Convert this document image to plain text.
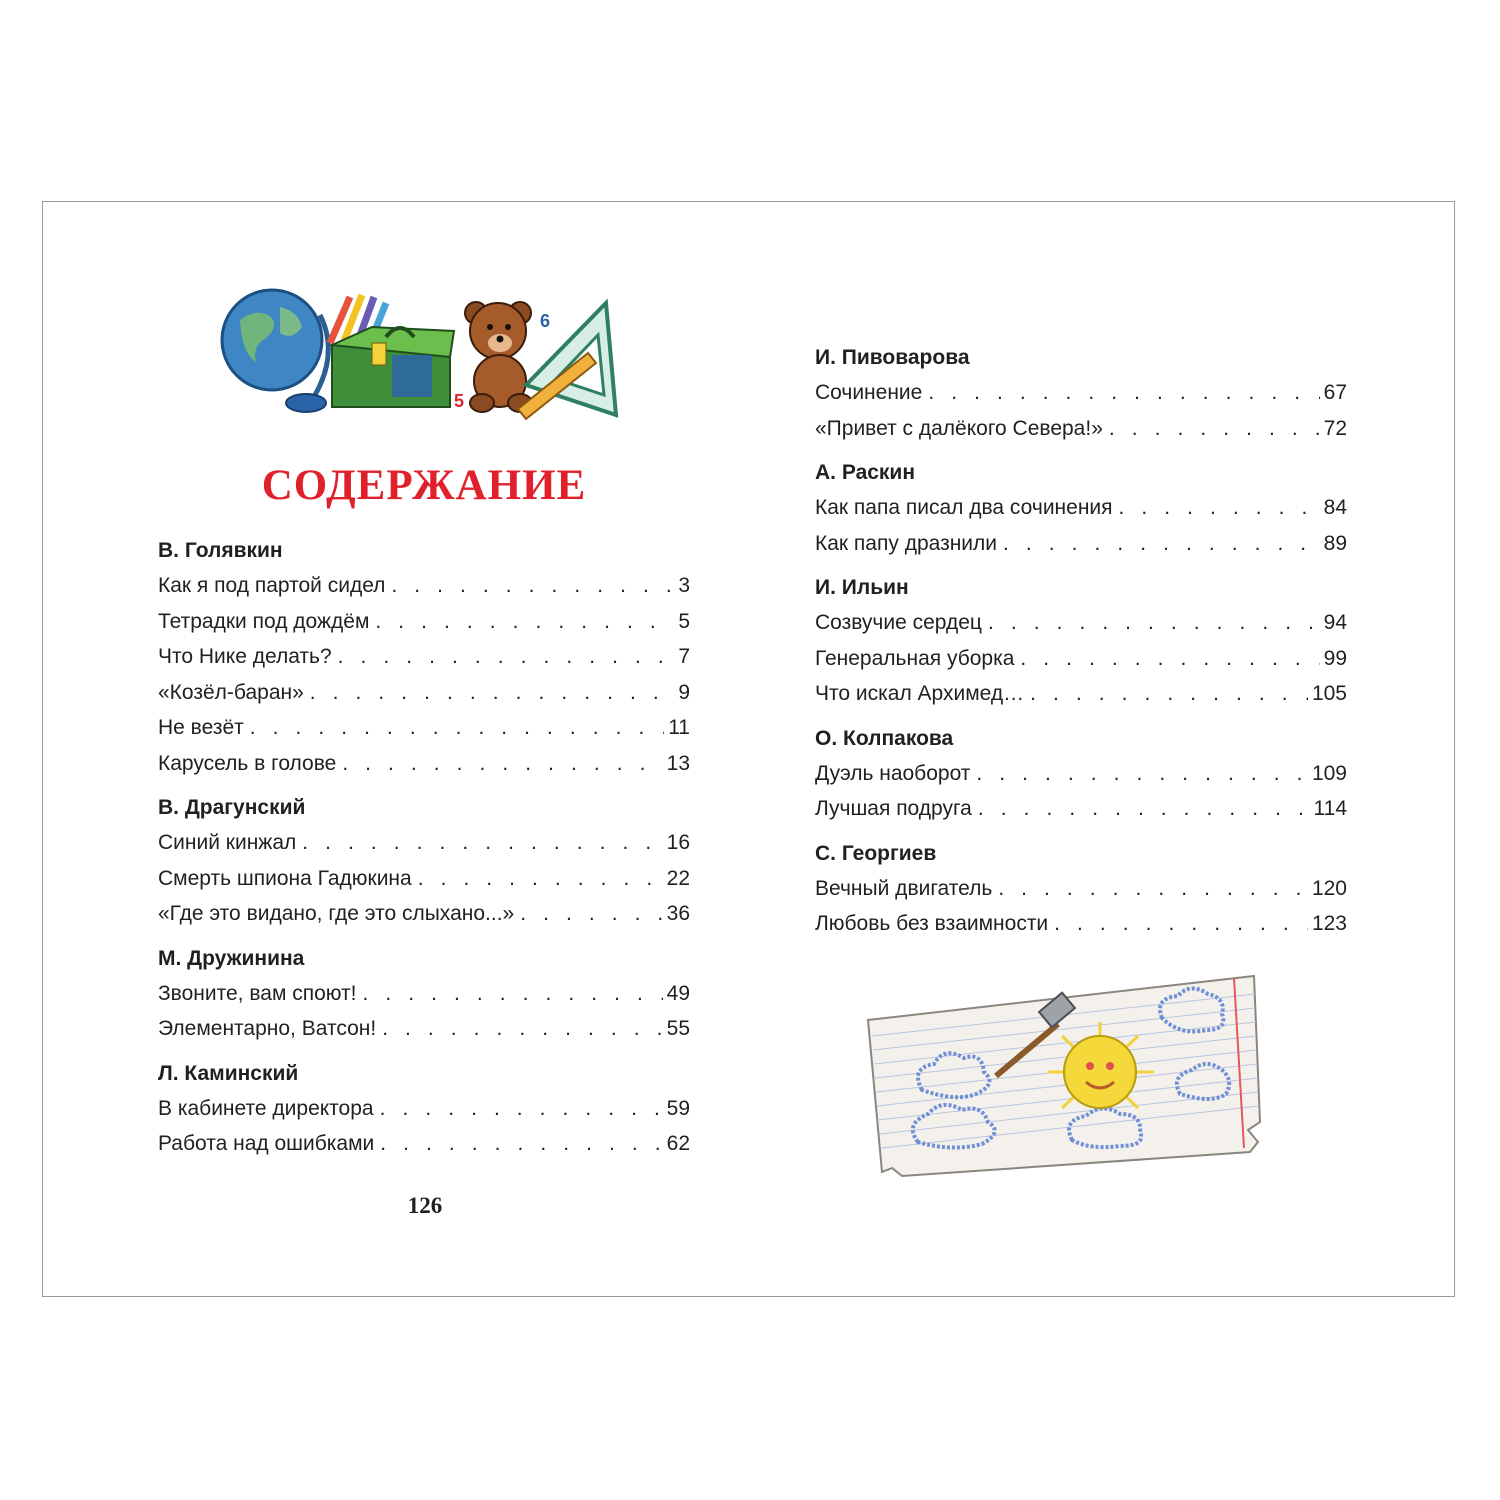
6
5
СОДЕРЖАНИЕ
В. Голявкин
Как я под партой сидел . . .	3
Тетрадки под дождём . . .	5
Что Нике делать? . . .	7
«Козёл-баран» . . .	9
Не везёт . . .	11
Карусель в голове . . .	13
В. Драгунский
Синий кинжал . . .	16
Смерть шпиона Гадюкина . . .	22
«Где это видано, где это слыхано...» . . .	36
М. Дружинина
Звоните, вам споют! . . .	49
Элементарно, Ватсон! . . .	55
Л. Каминский
В кабинете директора . . .	59
Работа над ошибками . . .	62
И. Пивоварова
Сочинение . . .	67
«Привет с далёкого Севера!» . . .	72
А. Раскин
Как папа писал два сочинения . . .	84
Как папу дразнили . . .	89
И. Ильин
Созвучие сердец . . .	94
Генеральная уборка . . .	99
Что искал Архимед… . . .	105
О. Колпакова
Дуэль наоборот . . .	109
Лучшая подруга . . .	114
С. Георгиев
Вечный двигатель . . .	120
Любовь без взаимности . . .	123
126
